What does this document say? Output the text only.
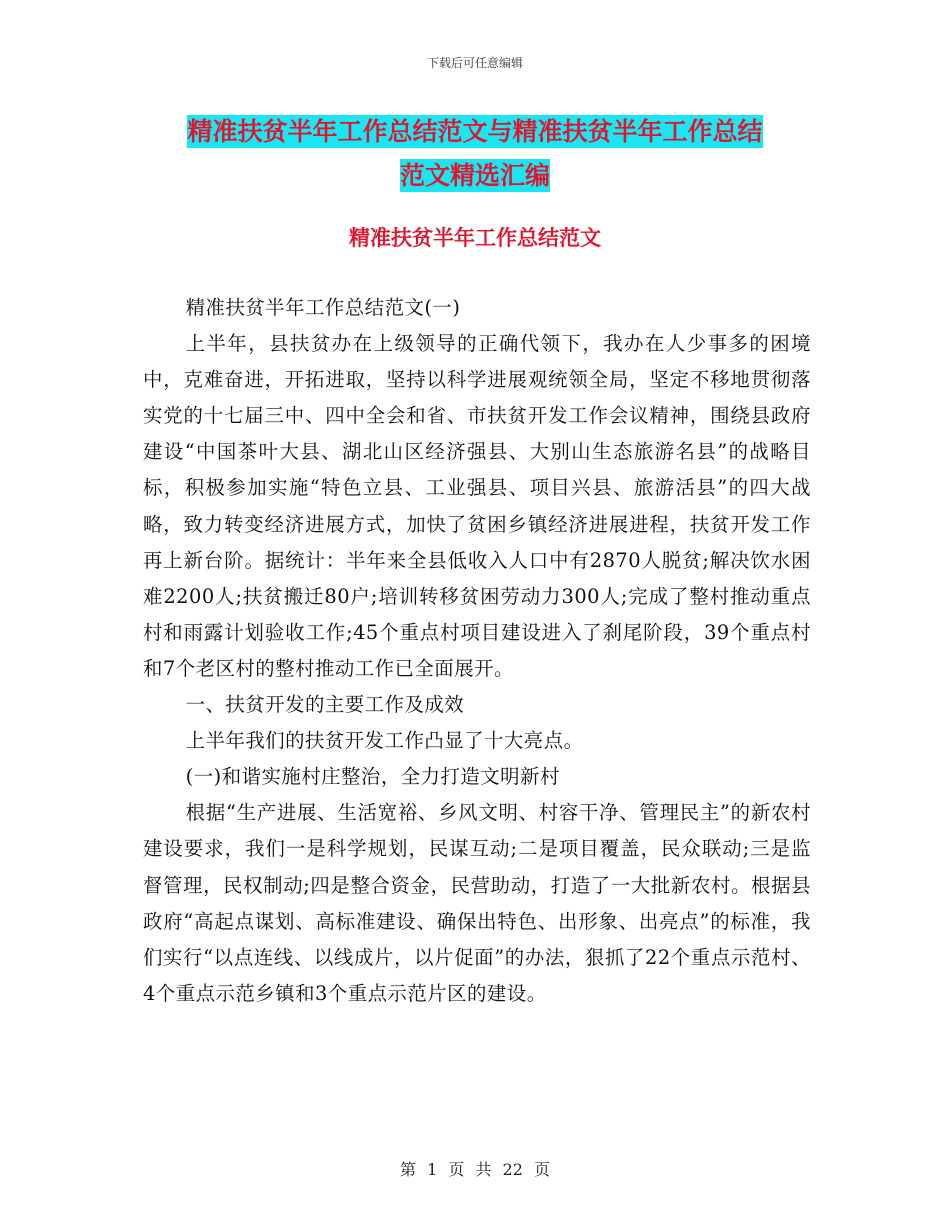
下载后可任意编辑
精准扶贫半年工作总结范文与精准扶贫半年工作总结
范文精选汇编
精准扶贫半年工作总结范文

精准扶贫半年工作总结范文(一)

上半年，县扶贫办在上级领导的正确代领下，我办在人少事多的困境中，克难奋进，开拓进取，坚持以科学进展观统领全局，坚定不移地贯彻落实党的十七届三中、四中全会和省、市扶贫开发工作会议精神，围绕县政府建设“中国茶叶大县、湖北山区经济强县、大别山生态旅游名县”的战略目标，积极参加实施“特色立县、工业强县、项目兴县、旅游活县”的四大战略，致力转变经济进展方式，加快了贫困乡镇经济进展进程，扶贫开发工作再上新台阶。据统计：半年来全县低收入人口中有2870人脱贫;解决饮水困难2200人;扶贫搬迁80户;培训转移贫困劳动力300人;完成了整村推动重点村和雨露计划验收工作;45个重点村项目建设进入了刹尾阶段，39个重点村和7个老区村的整村推动工作已全面展开。

一、扶贫开发的主要工作及成效

上半年我们的扶贫开发工作凸显了十大亮点。

(一)和谐实施村庄整治，全力打造文明新村

根据“生产进展、生活宽裕、乡风文明、村容干净、管理民主”的新农村建设要求，我们一是科学规划，民谋互动;二是项目覆盖，民众联动;三是监督管理，民权制动;四是整合资金，民营助动，打造了一大批新农村。根据县政府“高起点谋划、高标准建设、确保出特色、出形象、出亮点”的标准，我们实行“以点连线、以线成片，以片促面”的办法，狠抓了22个重点示范村、4个重点示范乡镇和3个重点示范片区的建设。

第 1 页 共 22 页
